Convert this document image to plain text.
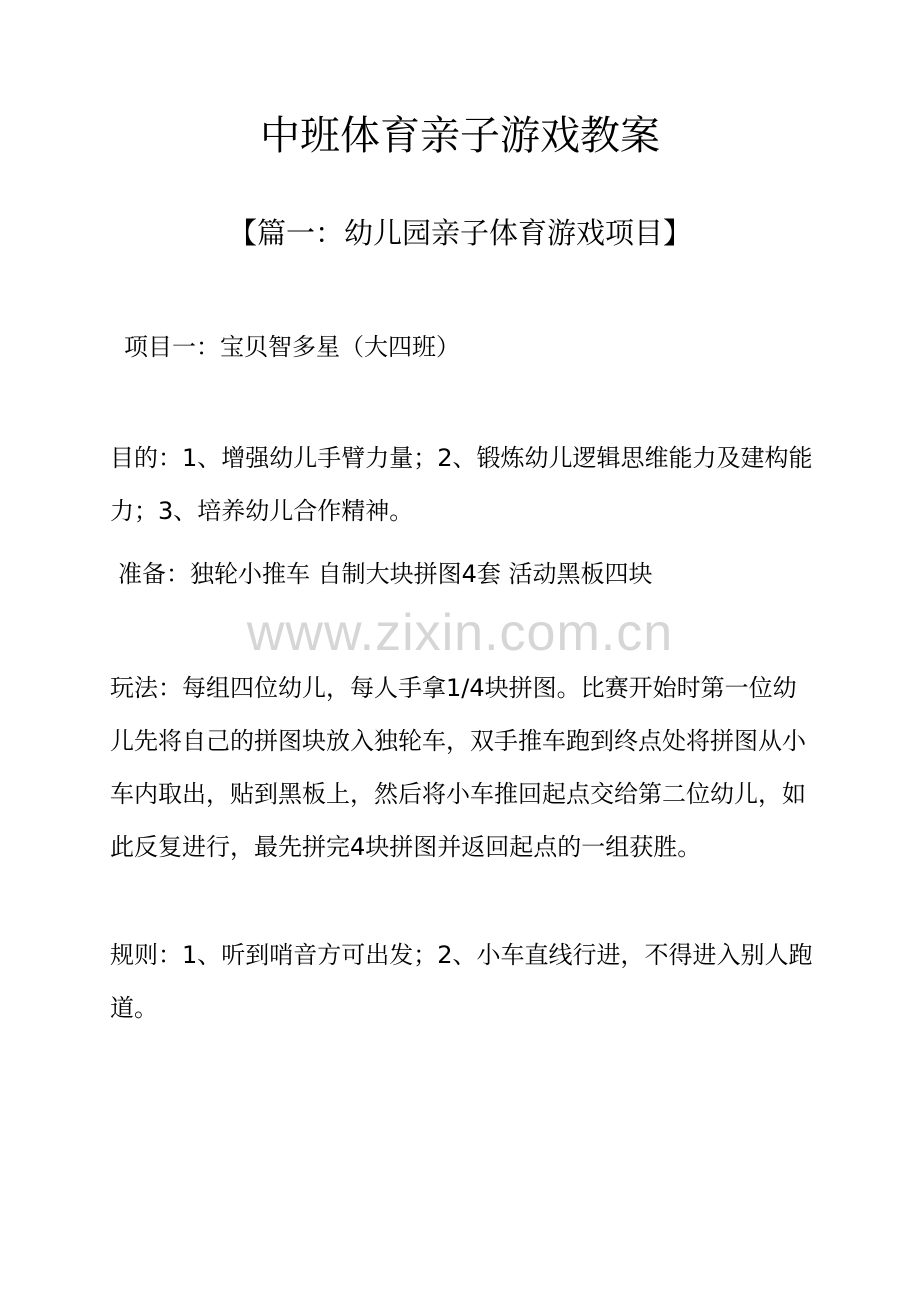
中班体育亲子游戏教案
【篇一：幼儿园亲子体育游戏项目】

项目一：宝贝智多星（大四班）

目的：1、增强幼儿手臂力量；2、锻炼幼儿逻辑思维能力及建构能力；3、培养幼儿合作精神。

准备：独轮小推车 自制大块拼图4套 活动黑板四块

www.zixin.com.cn

玩法：每组四位幼儿，每人手拿1/4块拼图。比赛开始时第一位幼儿先将自己的拼图块放入独轮车，双手推车跑到终点处将拼图从小车内取出，贴到黑板上，然后将小车推回起点交给第二位幼儿，如此反复进行，最先拼完4块拼图并返回起点的一组获胜。

规则：1、听到哨音方可出发；2、小车直线行进，不得进入别人跑道。
